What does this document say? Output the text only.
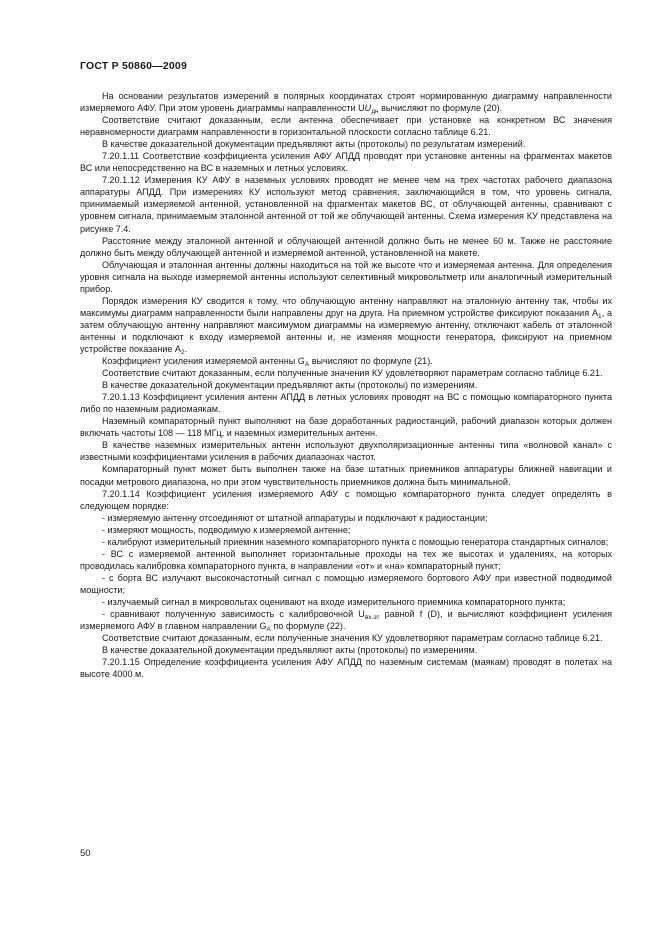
ГОСТ Р 50860—2009

На основании результатов измерений в полярных координатах строят нормированную диаграмму направленности измеряемого АФУ. При этом уровень диаграммы направленности $UU_{дн}$ вычисляют по формуле (20).

Соответствие считают доказанным, если антенна обеспечивает при установке на конкретном ВС значения неравномерности диаграмм направленности в горизонтальной плоскости согласно таблице 6.21.

В качестве доказательной документации предъявляют акты (протоколы) по результатам измерений.

7.20.1.11 Соответствие коэффициента усиления АФУ АПДД проводят при установке антенны на фрагментах макетов ВС или непосредственно на ВС в наземных и летных условиях.

7.20.1.12 Измерения КУ АФУ в наземных условиях проводят не менее чем на трех частотах рабочего диапазона аппаратуры АПДД. При измерениях КУ используют метод сравнения, заключающийся в том, что уровень сигнала, принимаемый измеряемой антенной, установленной на фрагментах макетов ВС, от облучающей антенны, сравнивают с уровнем сигнала, принимаемым эталонной антенной от той же облучающей антенны. Схема измерения КУ представлена на рисунке 7.4.

Расстояние между эталонной антенной и облучающей антенной должно быть не менее 60 м. Также не расстояние должно быть между облучающей антенной и измеряемой антенной, установленной на макете.

Облучающая и эталонная антенны должны находиться на той же высоте что и измеряемая антенна. Для определения уровня сигнала на выходе измеряемой антенны используют селективный микровольтметр или аналогичный измерительный прибор.

Порядок измерения КУ сводится к тому, что облучающую антенну направляют на эталонную антенну так, чтобы их максимумы диаграмм направленности были направлены друг на друга. На приемном устройстве фиксируют показания $A_1$, а затем облучающую антенну направляют максимумом диаграммы на измеряемую антенну, отключают кабель от эталонной антенны и подключают к входу измеряемой антенны и, не изменяя мощности генератора, фиксируют на приемном устройстве показание $A_2$.

Коэффициент усиления измеряемой антенны $G_А$ вычисляют по формуле (21).

Соответствие считают доказанным, если полученные значения КУ удовлетворяют параметрам согласно таблице 6.21.

В качестве доказательной документации предъявляют акты (протоколы) по измерениям.

7.20.1.13 Коэффициент усиления антенн АПДД в летных условиях проводят на ВС с помощью компараторного пункта либо по наземным радиомаякам.

Наземный компараторный пункт выполняют на базе доработанных радиостанций, рабочий диапазон которых должен включать частоты 108 — 118 МГц, и наземных измерительных антенн.

В качестве наземных измерительных антенн используют двухполяризационные антенны типа «волновой канал» с известными коэффициентами усиления в рабочих диапазонах частот.

Компараторный пункт может быть выполнен также на базе штатных приемников аппаратуры ближней навигации и посадки метрового диапазона, но при этом чувствительность приемников должна быть минимальной.

7.20.1.14 Коэффициент усиления измеряемого АФУ с помощью компараторного пункта следует определять в следующем порядке:

- измеряемую антенну отсоединяют от штатной аппаратуры и подключают к радиостанции;

- измеряют мощность, подводимую к измеряемой антенне;

- калибруют измерительный приемник наземного компараторного пункта с помощью генератора стандартных сигналов;

- ВС с измеряемой антенной выполняет горизонтальные проходы на тех же высотах и удалениях, на которых проводилась калибровка компараторного пункта, в направлении «от» и «на» компараторный пункт;

- с борта ВС излучают высокочастотный сигнал с помощью измеряемого бортового АФУ при известной подводимой мощности;

- излучаемый сигнал в микровольтах оценивают на входе измерительного приемника компараторного пункта;

- сравнивают полученную зависимость с калибровочной $U_{вх.эт}$ равной f (D), и вычисляют коэффициент усиления измеряемого АФУ в главном направлении $G_А$ по формуле (22).

Соответствие считают доказанным, если полученные значения КУ удовлетворяют параметрам согласно таблице 6.21.

В качестве доказательной документации предъявляют акты (протоколы) по измерениям.

7.20.1.15 Определение коэффициента усиления АФУ АПДД по наземным системам (маякам) проводят в полетах на высоте 4000 м.

50
